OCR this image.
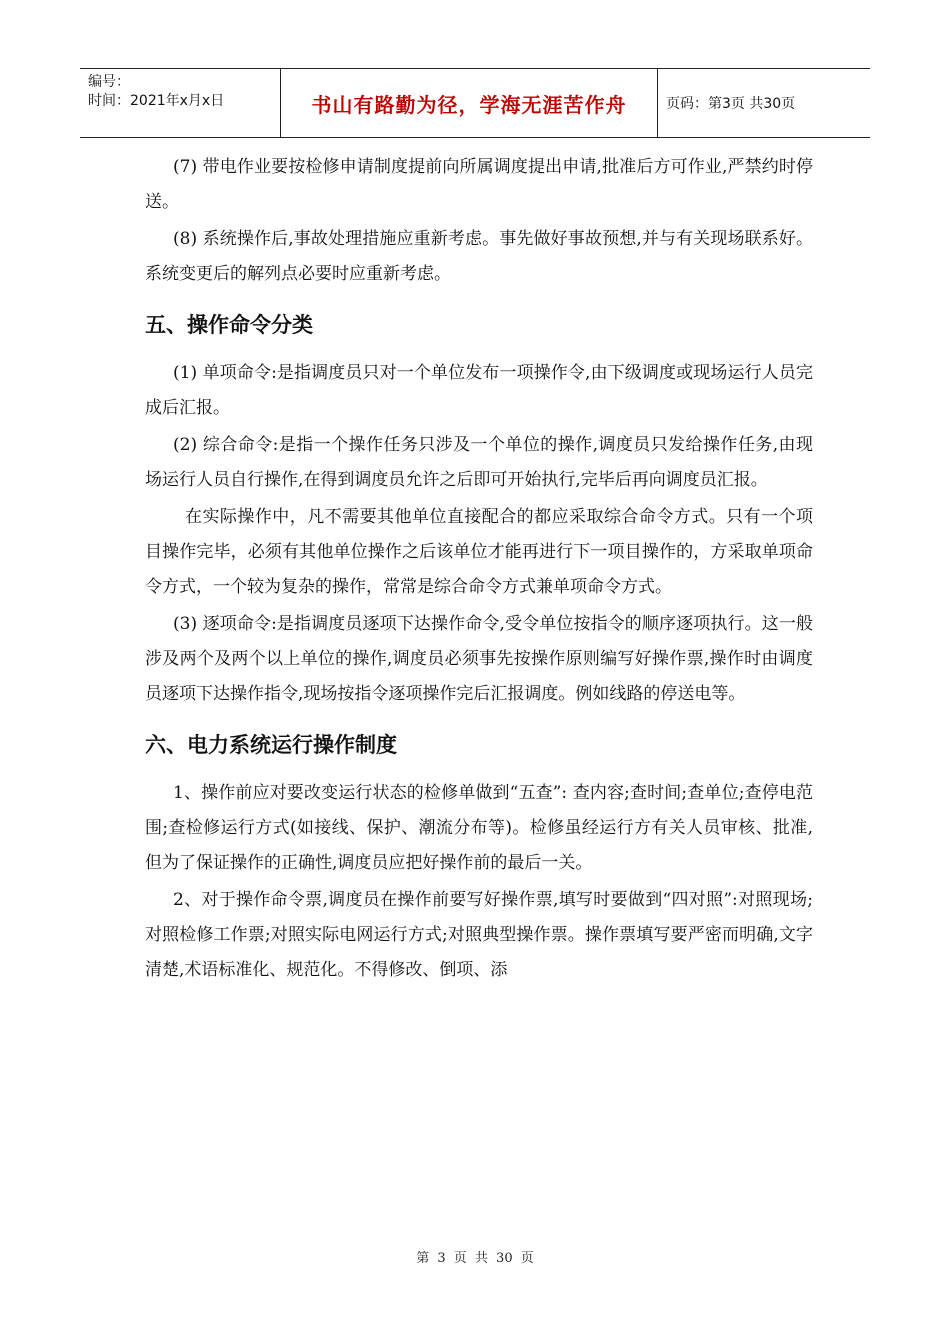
编号：
时间：2021年x月x日	书山有路勤为径，学海无涯苦作舟	页码：第3页 共30页

(7) 带电作业要按检修申请制度提前向所属调度提出申请,批准后方可作业,严禁约时停送。

(8) 系统操作后,事故处理措施应重新考虑。事先做好事故预想,并与有关现场联系好。系统变更后的解列点必要时应重新考虑。

五、操作命令分类

(1) 单项命令:是指调度员只对一个单位发布一项操作令,由下级调度或现场运行人员完成后汇报。

(2) 综合命令:是指一个操作任务只涉及一个单位的操作,调度员只发给操作任务,由现场运行人员自行操作,在得到调度员允许之后即可开始执行,完毕后再向调度员汇报。

在实际操作中，凡不需要其他单位直接配合的都应采取综合命令方式。只有一个项目操作完毕，必须有其他单位操作之后该单位才能再进行下一项目操作的，方采取单项命令方式，一个较为复杂的操作，常常是综合命令方式兼单项命令方式。

(3) 逐项命令:是指调度员逐项下达操作命令,受令单位按指令的顺序逐项执行。这一般涉及两个及两个以上单位的操作,调度员必须事先按操作原则编写好操作票,操作时由调度员逐项下达操作指令,现场按指令逐项操作完后汇报调度。例如线路的停送电等。

六、电力系统运行操作制度

1、操作前应对要改变运行状态的检修单做到“五查”: 查内容;查时间;查单位;查停电范围;查检修运行方式(如接线、保护、潮流分布等)。检修虽经运行方有关人员审核、批准,但为了保证操作的正确性,调度员应把好操作前的最后一关。

2、对于操作命令票,调度员在操作前要写好操作票,填写时要做到“四对照”:对照现场;对照检修工作票;对照实际电网运行方式;对照典型操作票。操作票填写要严密而明确,文字清楚,术语标准化、规范化。不得修改、倒项、添

第 3 页 共 30 页
